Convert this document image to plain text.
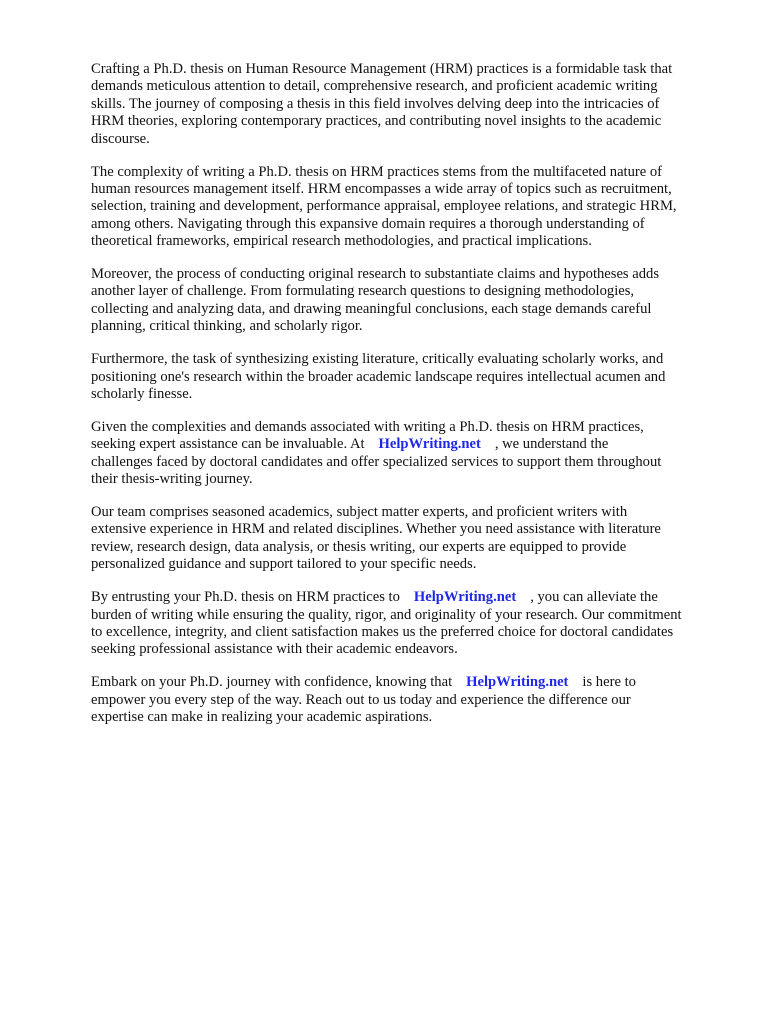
Crafting a Ph.D. thesis on Human Resource Management (HRM) practices is a formidable task that
demands meticulous attention to detail, comprehensive research, and proficient academic writing
skills. The journey of composing a thesis in this field involves delving deep into the intricacies of
HRM theories, exploring contemporary practices, and contributing novel insights to the academic
discourse.

The complexity of writing a Ph.D. thesis on HRM practices stems from the multifaceted nature of
human resources management itself. HRM encompasses a wide array of topics such as recruitment,
selection, training and development, performance appraisal, employee relations, and strategic HRM,
among others. Navigating through this expansive domain requires a thorough understanding of
theoretical frameworks, empirical research methodologies, and practical implications.

Moreover, the process of conducting original research to substantiate claims and hypotheses adds
another layer of challenge. From formulating research questions to designing methodologies,
collecting and analyzing data, and drawing meaningful conclusions, each stage demands careful
planning, critical thinking, and scholarly rigor.

Furthermore, the task of synthesizing existing literature, critically evaluating scholarly works, and
positioning one's research within the broader academic landscape requires intellectual acumen and
scholarly finesse.

Given the complexities and demands associated with writing a Ph.D. thesis on HRM practices,
seeking expert assistance can be invaluable. At HelpWriting.net , we understand the
challenges faced by doctoral candidates and offer specialized services to support them throughout
their thesis-writing journey.

Our team comprises seasoned academics, subject matter experts, and proficient writers with
extensive experience in HRM and related disciplines. Whether you need assistance with literature
review, research design, data analysis, or thesis writing, our experts are equipped to provide
personalized guidance and support tailored to your specific needs.

By entrusting your Ph.D. thesis on HRM practices to HelpWriting.net , you can alleviate the
burden of writing while ensuring the quality, rigor, and originality of your research. Our commitment
to excellence, integrity, and client satisfaction makes us the preferred choice for doctoral candidates
seeking professional assistance with their academic endeavors.

Embark on your Ph.D. journey with confidence, knowing that HelpWriting.net is here to
empower you every step of the way. Reach out to us today and experience the difference our
expertise can make in realizing your academic aspirations.
